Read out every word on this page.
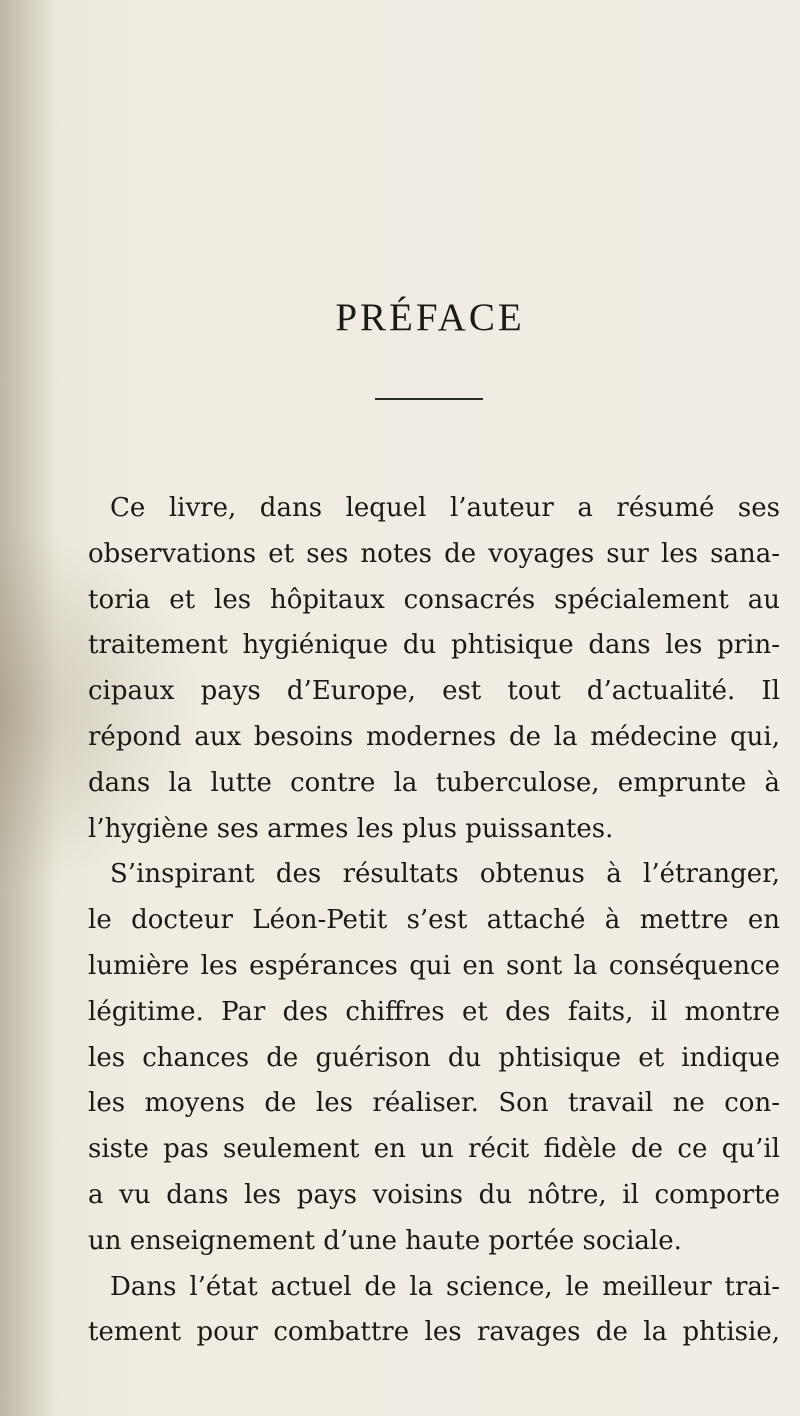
PRÉFACE
Ce livre, dans lequel l’auteur a résumé ses
observations et ses notes de voyages sur les sana-
toria et les hôpitaux consacrés spécialement au
traitement hygiénique du phtisique dans les prin-
cipaux pays d’Europe, est tout d’actualité. Il
répond aux besoins modernes de la médecine qui,
dans la lutte contre la tuberculose, emprunte à
l’hygiène ses armes les plus puissantes.
S’inspirant des résultats obtenus à l’étranger,
le docteur Léon-Petit s’est attaché à mettre en
lumière les espérances qui en sont la conséquence
légitime. Par des chiffres et des faits, il montre
les chances de guérison du phtisique et indique
les moyens de les réaliser. Son travail ne con-
siste pas seulement en un récit fidèle de ce qu’il
a vu dans les pays voisins du nôtre, il comporte
un enseignement d’une haute portée sociale.
Dans l’état actuel de la science, le meilleur trai-
tement pour combattre les ravages de la phtisie,
